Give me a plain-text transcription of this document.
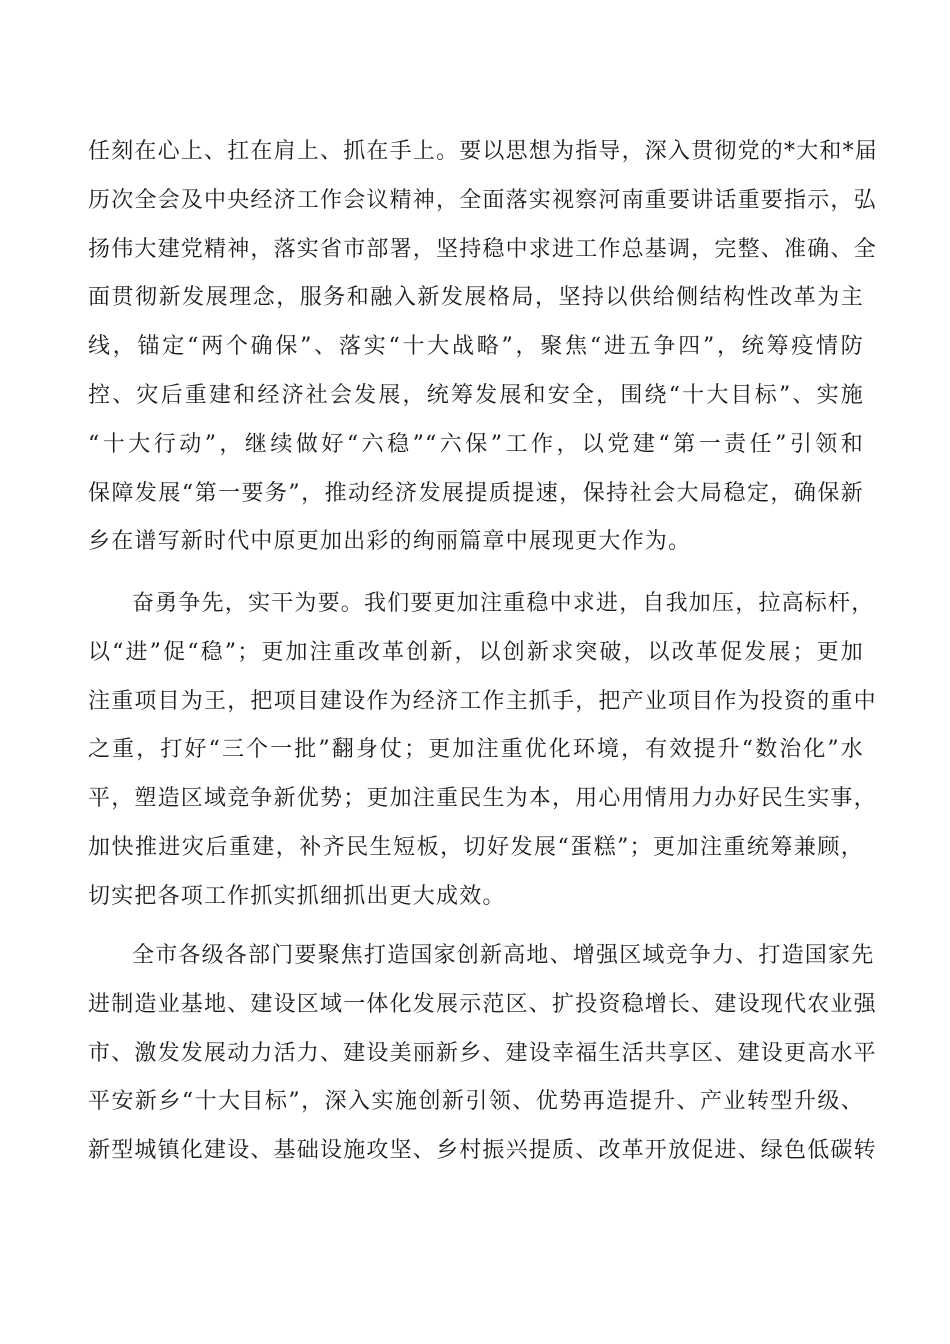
任刻在心上、扛在肩上、抓在手上。要以思想为指导，深入贯彻党的*大和*届
历次全会及中央经济工作会议精神，全面落实视察河南重要讲话重要指示，弘
扬伟大建党精神，落实省市部署，坚持稳中求进工作总基调，完整、准确、全
面贯彻新发展理念，服务和融入新发展格局，坚持以供给侧结构性改革为主
线，锚定“两个确保”、落实“十大战略”，聚焦“进五争四”，统筹疫情防
控、灾后重建和经济社会发展，统筹发展和安全，围绕“十大目标”、实施
“十大行动”，继续做好“六稳”“六保”工作，以党建“第一责任”引领和
保障发展“第一要务”，推动经济发展提质提速，保持社会大局稳定，确保新
乡在谱写新时代中原更加出彩的绚丽篇章中展现更大作为。
奋勇争先，实干为要。我们要更加注重稳中求进，自我加压，拉高标杆，
以“进”促“稳”；更加注重改革创新，以创新求突破，以改革促发展；更加
注重项目为王，把项目建设作为经济工作主抓手，把产业项目作为投资的重中
之重，打好“三个一批”翻身仗；更加注重优化环境，有效提升“数治化”水
平，塑造区域竞争新优势；更加注重民生为本，用心用情用力办好民生实事，
加快推进灾后重建，补齐民生短板，切好发展“蛋糕”；更加注重统筹兼顾，
切实把各项工作抓实抓细抓出更大成效。
全市各级各部门要聚焦打造国家创新高地、增强区域竞争力、打造国家先
进制造业基地、建设区域一体化发展示范区、扩投资稳增长、建设现代农业强
市、激发发展动力活力、建设美丽新乡、建设幸福生活共享区、建设更高水平
平安新乡“十大目标”，深入实施创新引领、优势再造提升、产业转型升级、
新型城镇化建设、基础设施攻坚、乡村振兴提质、改革开放促进、绿色低碳转
